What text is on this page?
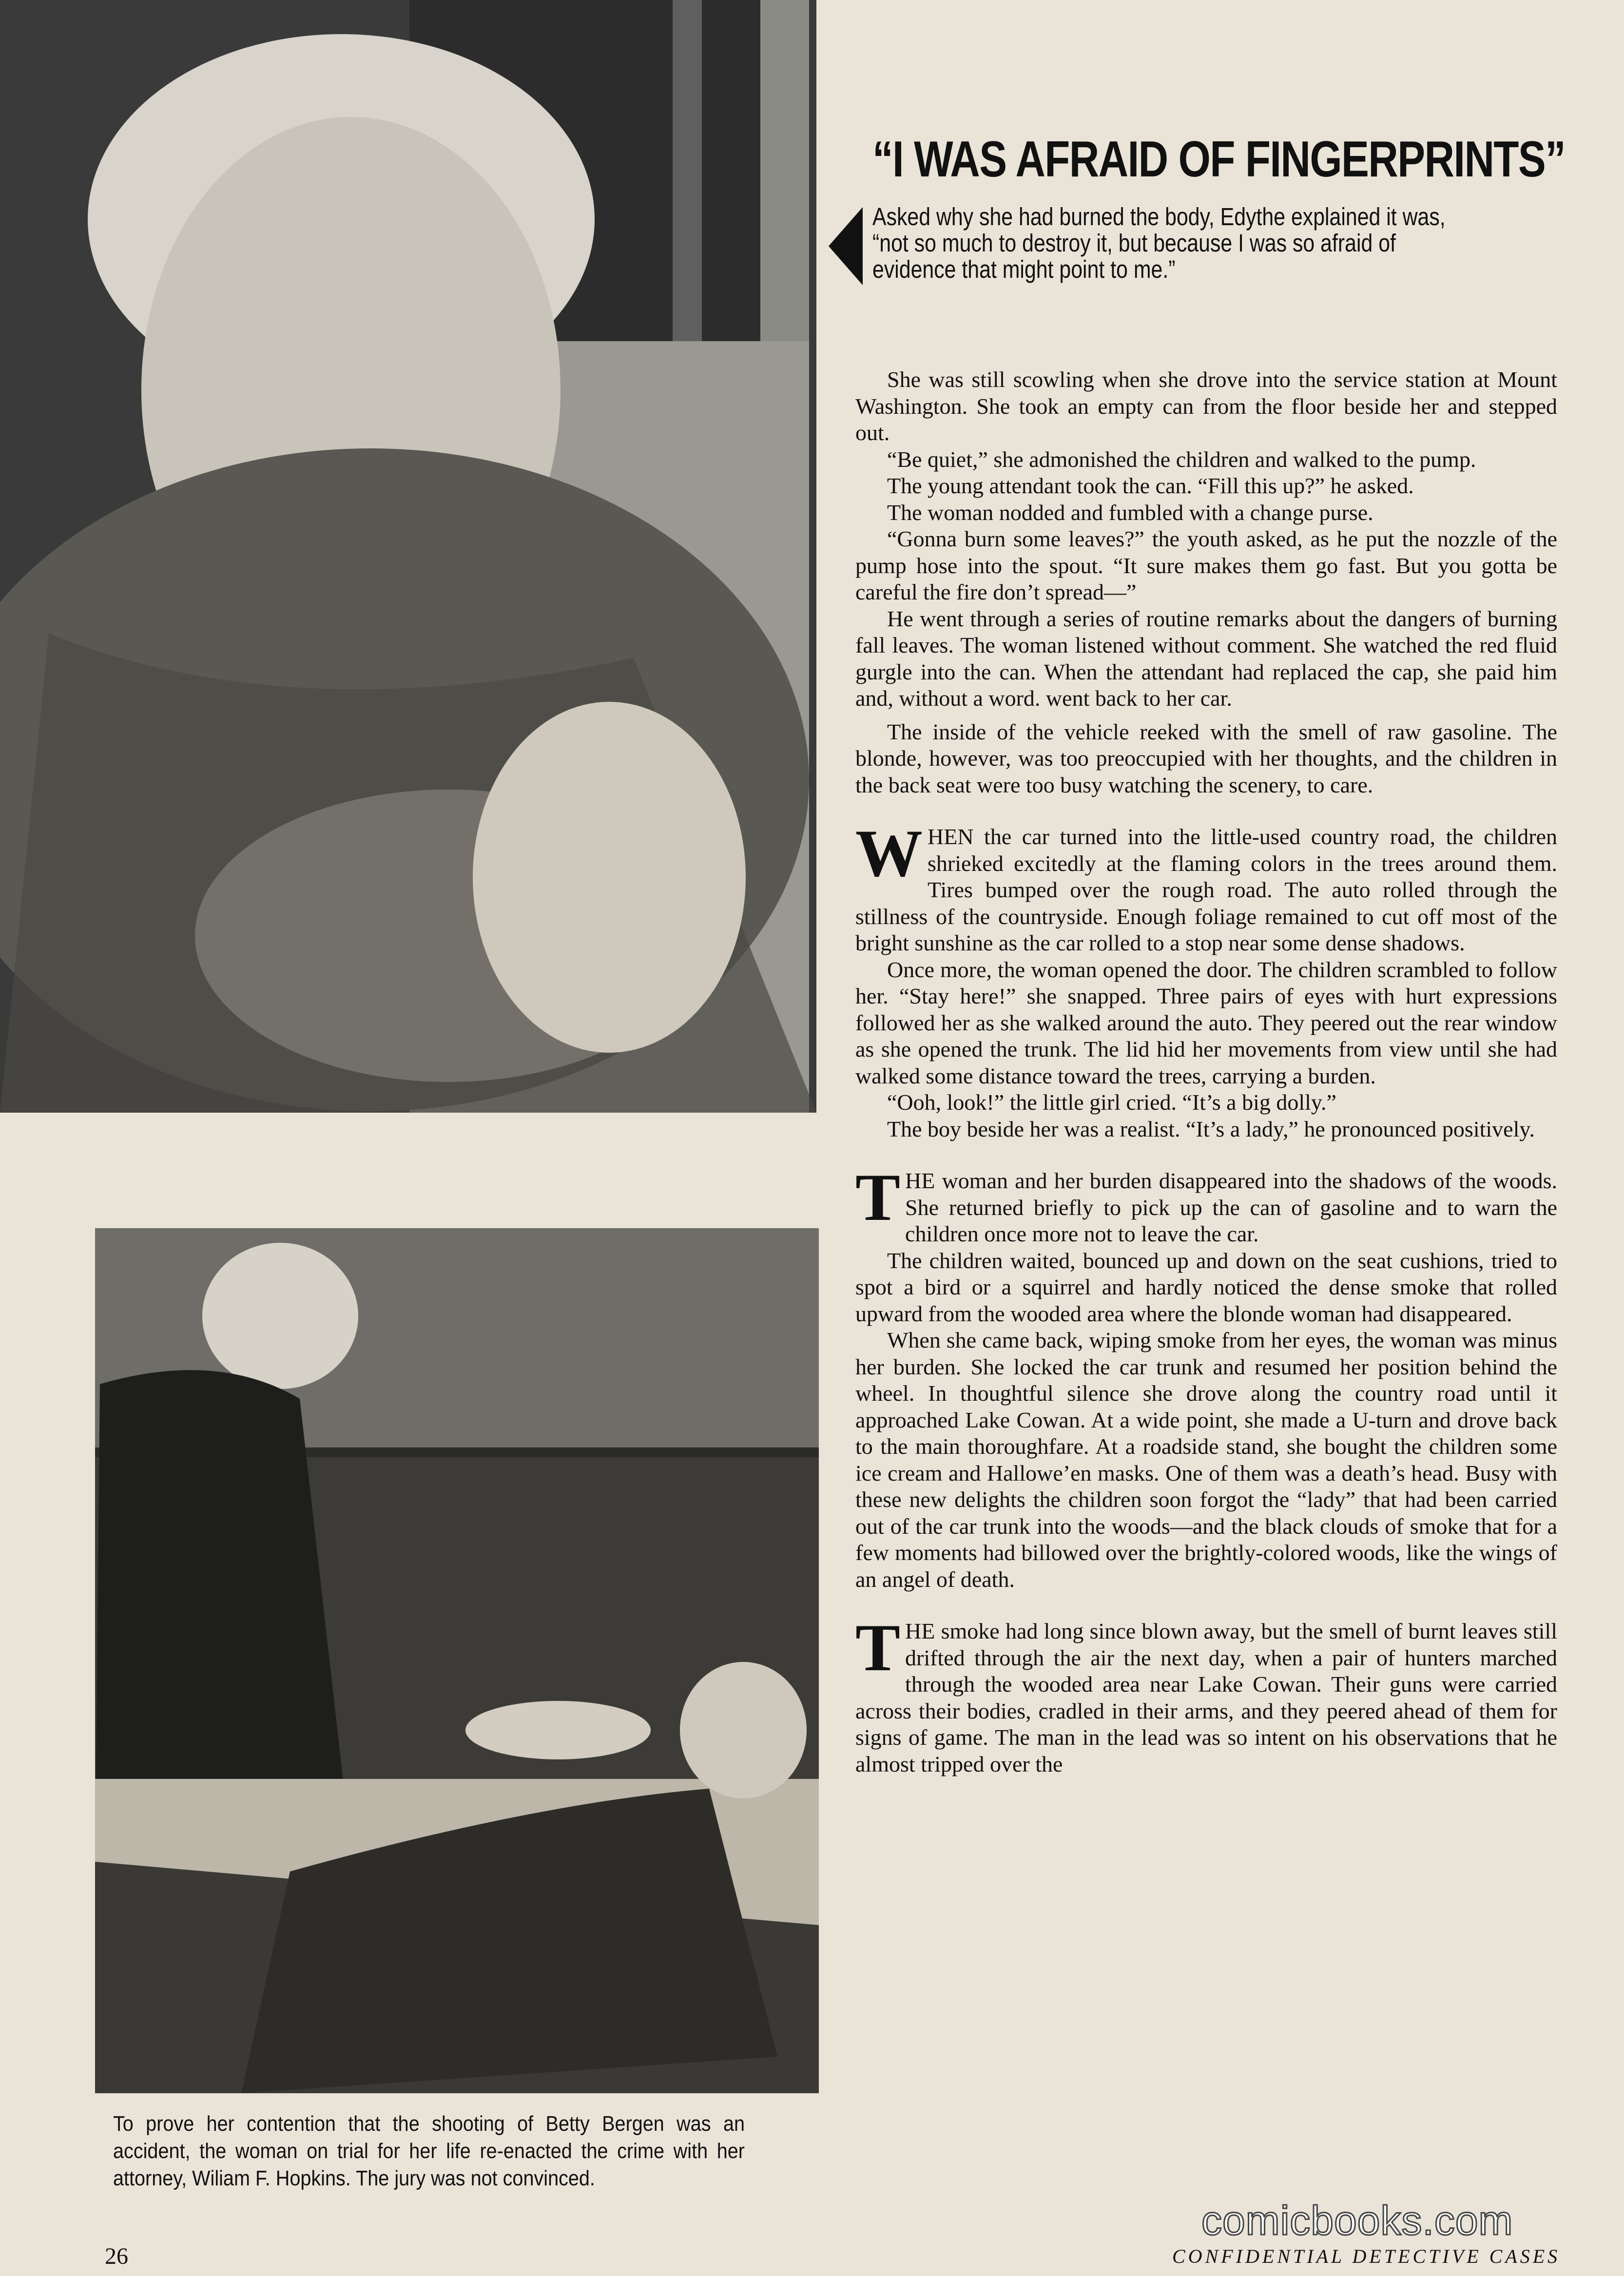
“I WAS AFRAID OF FINGERPRINTS”
Asked why she had burned the body, Edythe explained it was, “not so much to destroy it, but because I was so afraid of evidence that might point to me.”

She was still scowling when she drove into the service station at Mount Washington. She took an empty can from the floor beside her and stepped out.

“Be quiet,” she admonished the children and walked to the pump.

The young attendant took the can. “Fill this up?” he asked.

The woman nodded and fumbled with a change purse.

“Gonna burn some leaves?” the youth asked, as he put the nozzle of the pump hose into the spout. “It sure makes them go fast. But you gotta be careful the fire don’t spread—”

He went through a series of routine remarks about the dangers of burning fall leaves. The woman listened without comment. She watched the red fluid gurgle into the can. When the attendant had replaced the cap, she paid him and, without a word. went back to her car.

The inside of the vehicle reeked with the smell of raw gasoline. The blonde, however, was too preoccupied with her thoughts, and the children in the back seat were too busy watching the scenery, to care.

WHEN the car turned into the little-used country road, the children shrieked excitedly at the flaming colors in the trees around them. Tires bumped over the rough road. The auto rolled through the stillness of the countryside. Enough foliage remained to cut off most of the bright sunshine as the car rolled to a stop near some dense shadows.

Once more, the woman opened the door. The children scrambled to follow her. “Stay here!” she snapped. Three pairs of eyes with hurt expressions followed her as she walked around the auto. They peered out the rear window as she opened the trunk. The lid hid her movements from view until she had walked some distance toward the trees, carrying a burden.

“Ooh, look!” the little girl cried. “It’s a big dolly.”

The boy beside her was a realist. “It’s a lady,” he pronounced positively.

THE woman and her burden disappeared into the shadows of the woods. She returned briefly to pick up the can of gasoline and to warn the children once more not to leave the car.

The children waited, bounced up and down on the seat cushions, tried to spot a bird or a squirrel and hardly noticed the dense smoke that rolled upward from the wooded area where the blonde woman had disappeared.

When she came back, wiping smoke from her eyes, the woman was minus her burden. She locked the car trunk and resumed her position behind the wheel. In thoughtful silence she drove along the country road until it approached Lake Cowan. At a wide point, she made a U-turn and drove back to the main thoroughfare. At a roadside stand, she bought the children some ice cream and Hallowe’en masks. One of them was a death’s head. Busy with these new delights the children soon forgot the “lady” that had been carried out of the car trunk into the woods—and the black clouds of smoke that for a few moments had billowed over the brightly-colored woods, like the wings of an angel of death.

THE smoke had long since blown away, but the smell of burnt leaves still drifted through the air the next day, when a pair of hunters marched through the wooded area near Lake Cowan. Their guns were carried across their bodies, cradled in their arms, and they peered ahead of them for signs of game. The man in the lead was so intent on his observations that he almost tripped over the

To prove her contention that the shooting of Betty Bergen was an accident, the woman on trial for her life re-enacted the crime with her attorney, Wiliam F. Hopkins. The jury was not convinced.
comicbooks.com
26	CONFIDENTIAL DETECTIVE CASES
